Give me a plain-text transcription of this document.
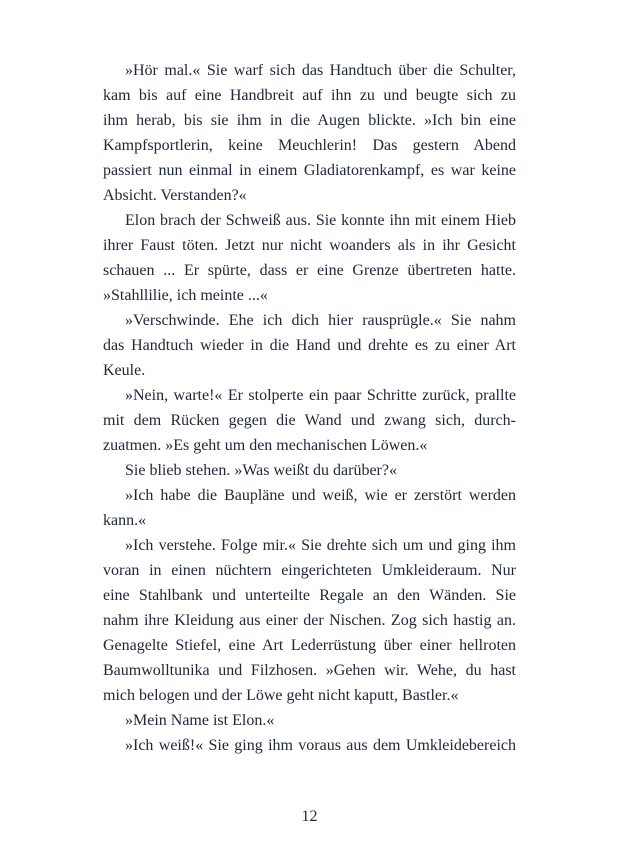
»Hör mal.« Sie warf sich das Handtuch über die Schulter,
kam bis auf eine Handbreit auf ihn zu und beugte sich zu
ihm herab, bis sie ihm in die Augen blickte. »Ich bin eine
Kampfsportlerin, keine Meuchlerin! Das gestern Abend
passiert nun einmal in einem Gladiatorenkampf, es war keine
Absicht. Verstanden?«
Elon brach der Schweiß aus. Sie konnte ihn mit einem Hieb
ihrer Faust töten. Jetzt nur nicht woanders als in ihr Gesicht
schauen ... Er spürte, dass er eine Grenze übertreten hatte.
»Stahllilie, ich meinte ...«
»Verschwinde. Ehe ich dich hier rausprügle.« Sie nahm
das Handtuch wieder in die Hand und drehte es zu einer Art
Keule.
»Nein, warte!« Er stolperte ein paar Schritte zurück, prallte
mit dem Rücken gegen die Wand und zwang sich, durch-
zuatmen. »Es geht um den mechanischen Löwen.«
Sie blieb stehen. »Was weißt du darüber?«
»Ich habe die Baupläne und weiß, wie er zerstört werden
kann.«
»Ich verstehe. Folge mir.« Sie drehte sich um und ging ihm
voran in einen nüchtern eingerichteten Umkleideraum. Nur
eine Stahlbank und unterteilte Regale an den Wänden. Sie
nahm ihre Kleidung aus einer der Nischen. Zog sich hastig an.
Genagelte Stiefel, eine Art Lederrüstung über einer hellroten
Baumwolltunika und Filzhosen. »Gehen wir. Wehe, du hast
mich belogen und der Löwe geht nicht kaputt, Bastler.«
»Mein Name ist Elon.«
»Ich weiß!« Sie ging ihm voraus aus dem Umkleidebereich
12
